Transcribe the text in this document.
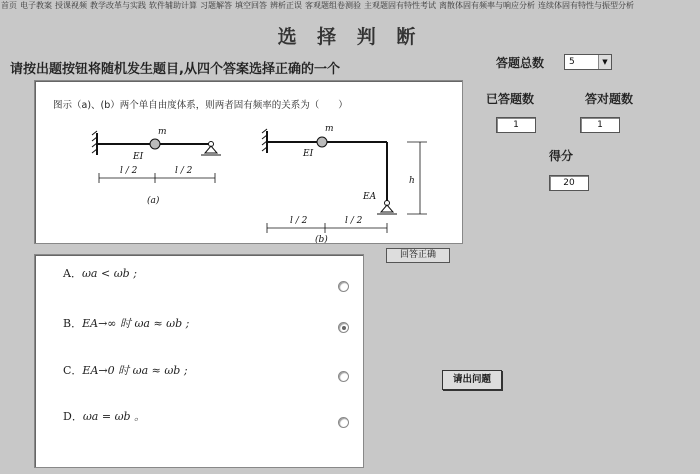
首页 电子教案 授课视频 教学改革与实践 软件辅助计算 习题解答 填空回答 辨析正误 客观题组卷测验 主观题固有特性考试 离散体固有频率与响应分析 连续体固有特性与振型分析
选 择 判 断
请按出题按钮将随机发生题目,从四个答案选择正确的一个
图示（a)、(b）两个单自由度体系，则两者固有频率的关系为（　　）
m
EI
l / 2	l / 2
(a)
m
EI
EA
h
l / 2	l / 2
(b)
A．ωa < ωb ;
B．EA→∞ 时 ωa ≈ ωb ;
C．EA→0 时 ωa ≈ ωb ;
D．ωa = ωb 。
答题总数	5	▼
已答题数	答对题数
1	1
得分
20
回答正确
请出问题
